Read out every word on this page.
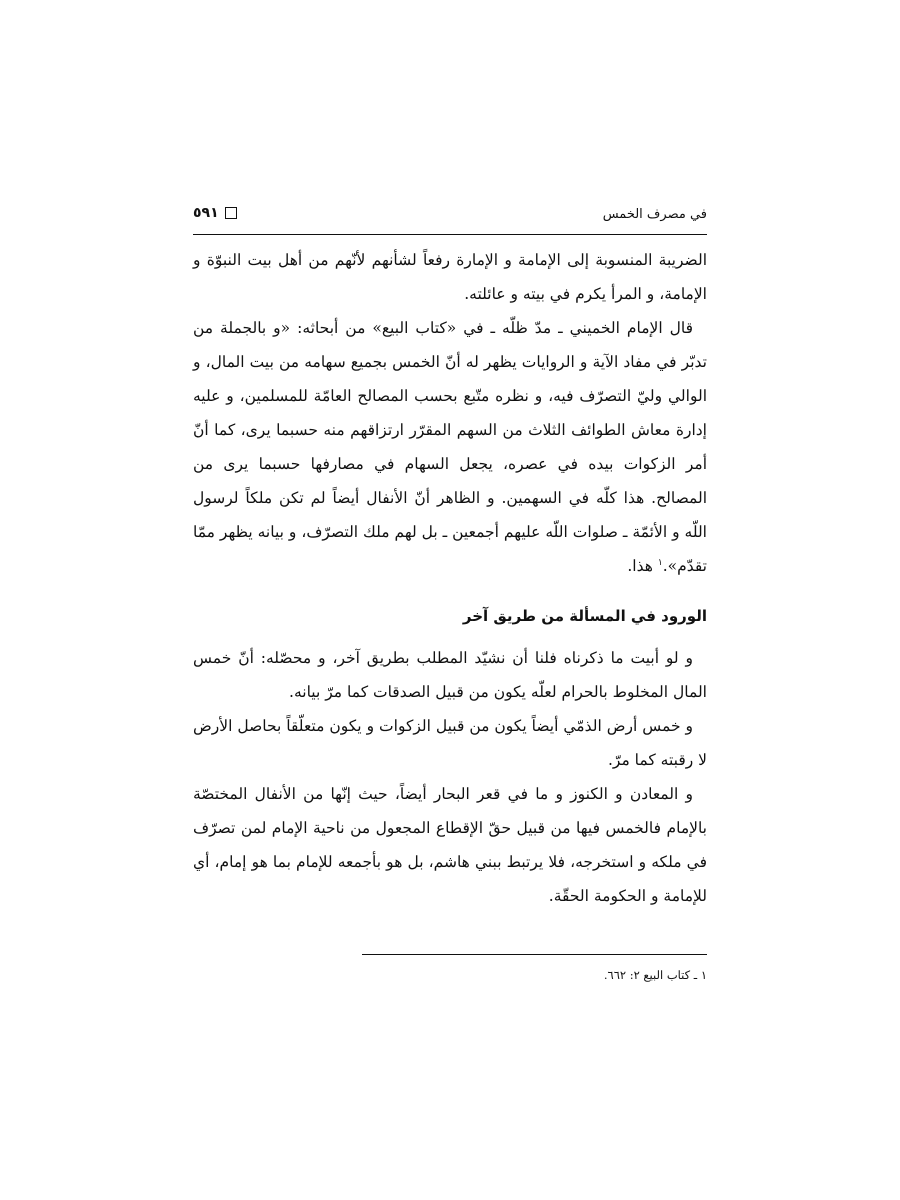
في مصرف الخمس
٥٩١

الضريبة المنسوبة إلى الإمامة و الإمارة رفعاً لشأنهم لأنّهم من أهل بيت النبوّة و الإمامة، و المرأ يكرم في بيته و عائلته.

قال الإمام الخميني ـ مدّ ظلّه ـ في «كتاب البيع» من أبحاثه: «و بالجملة من تدبّر في مفاد الآية و الروايات يظهر له أنّ الخمس بجميع سهامه من بيت المال، و الوالي وليّ التصرّف فيه، و نظره متّبع بحسب المصالح العامّة للمسلمين، و عليه إدارة معاش الطوائف الثلاث من السهم المقرّر ارتزاقهم منه حسبما يرى، كما أنّ أمر الزكوات بيده في عصره، يجعل السهام في مصارفها حسبما يرى من المصالح. هذا كلّه في السهمين. و الظاهر أنّ الأنفال أيضاً لم تكن ملكاً لرسول اللّه و الأئمّة ـ صلوات اللّه عليهم أجمعين ـ بل لهم ملك التصرّف، و بيانه يظهر ممّا تقدّم».$^١$ هذا.

الورود في المسألة من طريق آخر

و لو أبيت ما ذكرناه فلنا أن نشيّد المطلب بطريق آخر، و محصّله: أنّ خمس المال المخلوط بالحرام لعلّه يكون من قبيل الصدقات كما مرّ بيانه.

و خمس أرض الذمّي أيضاً يكون من قبيل الزكوات و يكون متعلّقاً بحاصل الأرض لا رقبته كما مرّ.

و المعادن و الكنوز و ما في قعر البحار أيضاً، حيث إنّها من الأنفال المختصّة بالإمام فالخمس فيها من قبيل حقّ الإقطاع المجعول من ناحية الإمام لمن تصرّف في ملكه و استخرجه، فلا يرتبط ببني هاشم، بل هو بأجمعه للإمام بما هو إمام، أي للإمامة و الحكومة الحقّة.

١ ـ كتاب البيع ٢: ٦٦٢.
